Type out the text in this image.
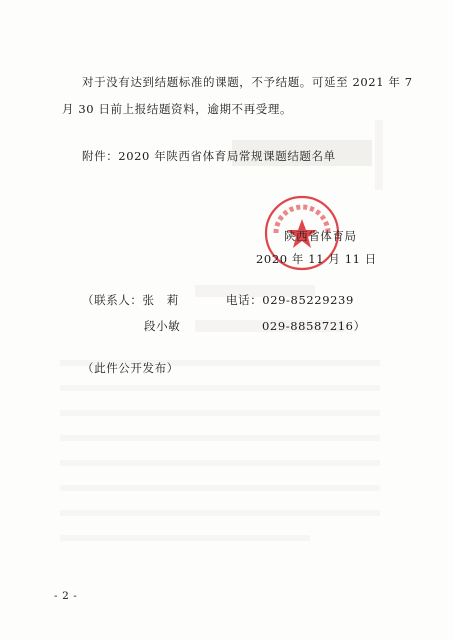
对于没有达到结题标准的课题，不予结题。可延至 2021 年 7
月 30 日前上报结题资料，逾期不再受理。
附件：2020 年陕西省体育局常规课题结题名单
陕西省体育局
2020 年 11 月 11 日
（联系人：张　莉	电话：029-85229239
段小敏	029-88587216）
（此件公开发布）
- 2 -
